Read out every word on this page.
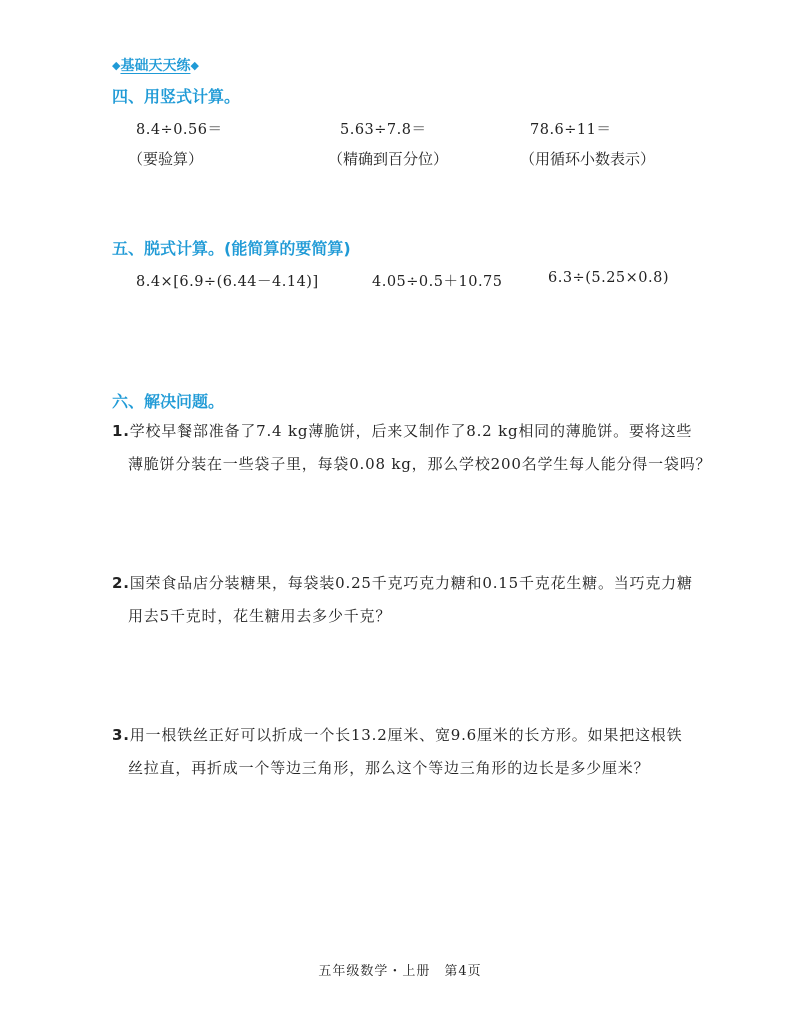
◆基础天天练◆
四、用竖式计算。
8.4÷0.56＝	5.63÷7.8＝	78.6÷11＝
（要验算）	（精确到百分位）	（用循环小数表示）
五、脱式计算。(能简算的要简算)
8.4×[6.9÷(6.44－4.14)]	4.05÷0.5＋10.75	6.3÷(5.25×0.8)
六、解决问题。
1.学校早餐部准备了7.4 kg薄脆饼，后来又制作了8.2 kg相同的薄脆饼。要将这些
薄脆饼分装在一些袋子里，每袋0.08 kg，那么学校200名学生每人能分得一袋吗？
2.国荣食品店分装糖果，每袋装0.25千克巧克力糖和0.15千克花生糖。当巧克力糖
用去5千克时，花生糖用去多少千克？
3.用一根铁丝正好可以折成一个长13.2厘米、宽9.6厘米的长方形。如果把这根铁
丝拉直，再折成一个等边三角形，那么这个等边三角形的边长是多少厘米？
五年级数学・上册　第4页
